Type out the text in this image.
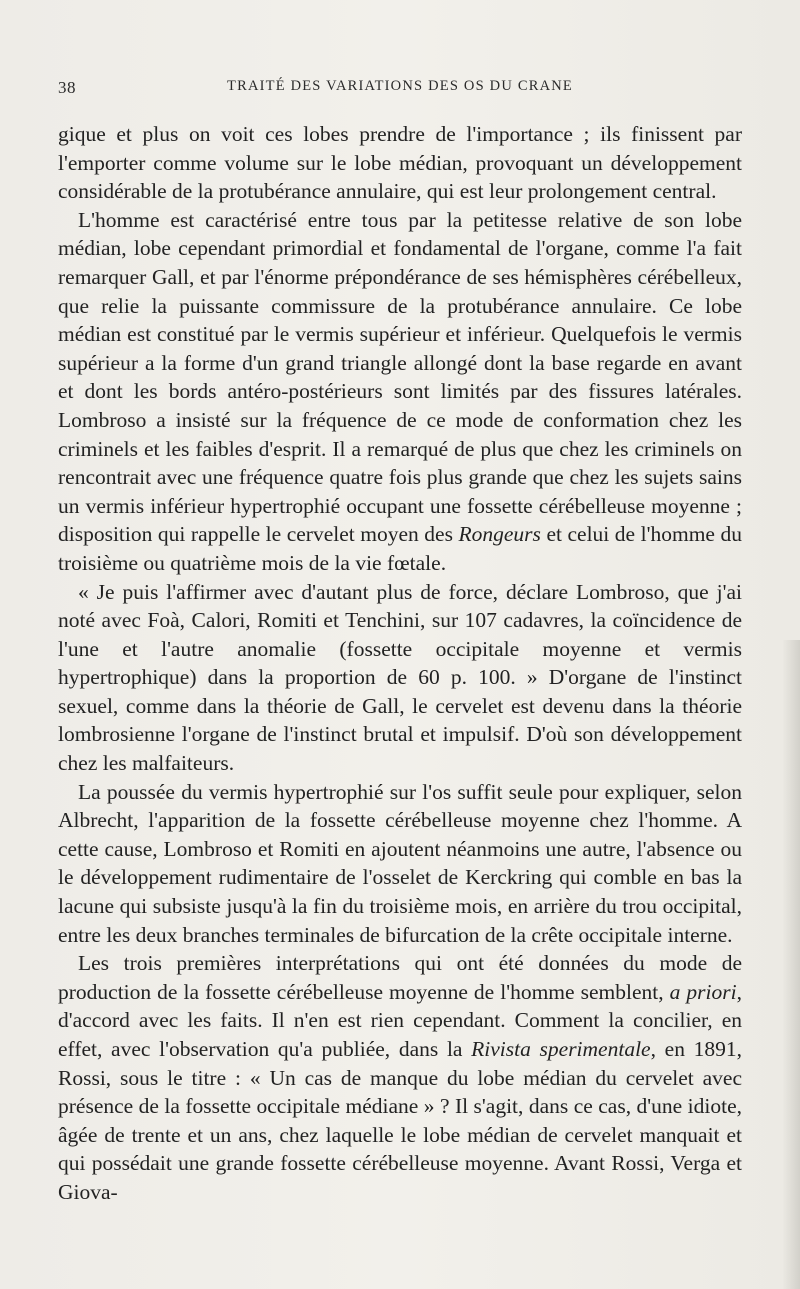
38	TRAITÉ DES VARIATIONS DES OS DU CRANE

gique et plus on voit ces lobes prendre de l'importance ; ils finissent par l'emporter comme volume sur le lobe médian, provoquant un développement considérable de la protubérance annulaire, qui est leur prolongement central.

L'homme est caractérisé entre tous par la petitesse relative de son lobe médian, lobe cependant primordial et fondamental de l'organe, comme l'a fait remarquer Gall, et par l'énorme prépondérance de ses hémisphères cérébelleux, que relie la puissante commissure de la protubérance annulaire. Ce lobe médian est constitué par le vermis supérieur et inférieur. Quelquefois le vermis supérieur a la forme d'un grand triangle allongé dont la base regarde en avant et dont les bords antéro-postérieurs sont limités par des fissures latérales. Lombroso a insisté sur la fréquence de ce mode de conformation chez les criminels et les faibles d'esprit. Il a remarqué de plus que chez les criminels on rencontrait avec une fréquence quatre fois plus grande que chez les sujets sains un vermis inférieur hypertrophié occupant une fossette cérébelleuse moyenne ; disposition qui rappelle le cervelet moyen des Rongeurs et celui de l'homme du troisième ou quatrième mois de la vie fœtale.

« Je puis l'affirmer avec d'autant plus de force, déclare Lombroso, que j'ai noté avec Foà, Calori, Romiti et Tenchini, sur 107 cadavres, la coïncidence de l'une et l'autre anomalie (fossette occipitale moyenne et vermis hypertrophique) dans la proportion de 60 p. 100. » D'organe de l'instinct sexuel, comme dans la théorie de Gall, le cervelet est devenu dans la théorie lombrosienne l'organe de l'instinct brutal et impulsif. D'où son développement chez les malfaiteurs.

La poussée du vermis hypertrophié sur l'os suffit seule pour expliquer, selon Albrecht, l'apparition de la fossette cérébelleuse moyenne chez l'homme. A cette cause, Lombroso et Romiti en ajoutent néanmoins une autre, l'absence ou le développement rudimentaire de l'osselet de Kerckring qui comble en bas la lacune qui subsiste jusqu'à la fin du troisième mois, en arrière du trou occipital, entre les deux branches terminales de bifurcation de la crête occipitale interne.

Les trois premières interprétations qui ont été données du mode de production de la fossette cérébelleuse moyenne de l'homme semblent, a priori, d'accord avec les faits. Il n'en est rien cependant. Comment la concilier, en effet, avec l'observation qu'a publiée, dans la Rivista sperimentale, en 1891, Rossi, sous le titre : « Un cas de manque du lobe médian du cervelet avec présence de la fossette occipitale médiane » ? Il s'agit, dans ce cas, d'une idiote, âgée de trente et un ans, chez laquelle le lobe médian de cervelet manquait et qui possédait une grande fossette cérébelleuse moyenne. Avant Rossi, Verga et Giova-
